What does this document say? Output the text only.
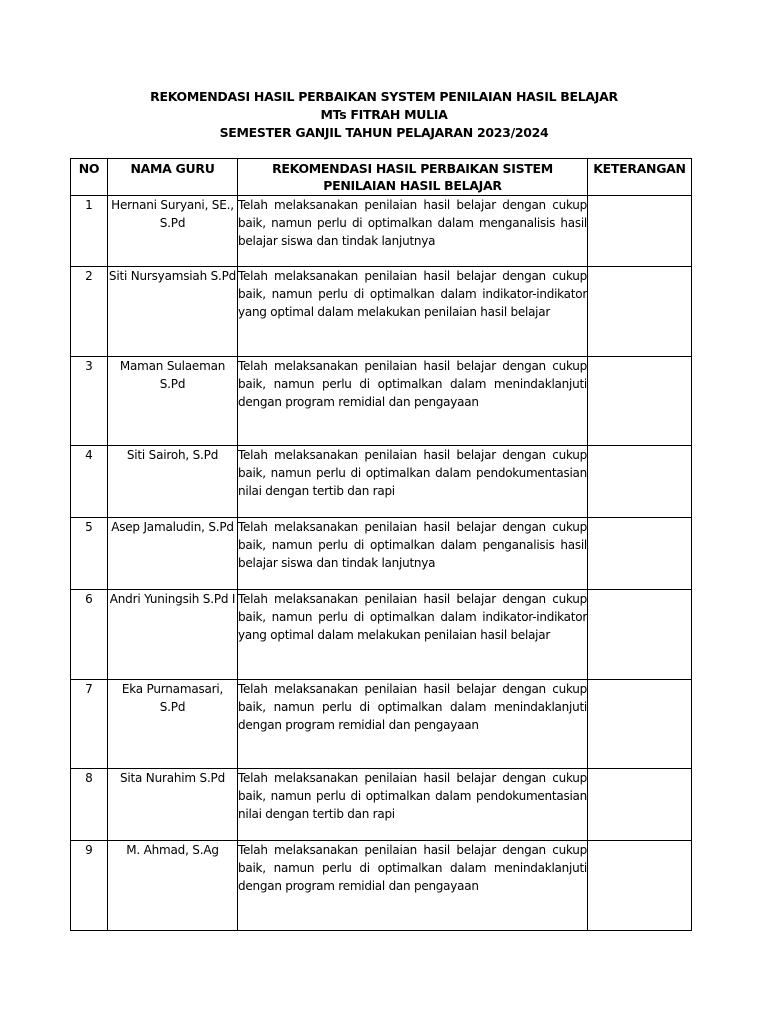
REKOMENDASI HASIL PERBAIKAN SYSTEM PENILAIAN HASIL BELAJAR
MTs FITRAH MULIA
SEMESTER GANJIL TAHUN PELAJARAN 2023/2024
NO	NAMA GURU	REKOMENDASI HASIL PERBAIKAN SISTEM PENILAIAN HASIL BELAJAR	KETERANGAN
1	Hernani Suryani, SE., S.Pd	Telah melaksanakan penilaian hasil belajar dengan cukup baik, namun perlu di optimalkan dalam menganalisis hasil belajar siswa dan tindak lanjutnya	
2	Siti Nursyamsiah S.Pd	Telah melaksanakan penilaian hasil belajar dengan cukup baik, namun perlu di optimalkan dalam indikator-indikator yang optimal dalam melakukan penilaian hasil belajar	
3	Maman Sulaeman S.Pd	Telah melaksanakan penilaian hasil belajar dengan cukup baik, namun perlu di optimalkan dalam menindaklanjuti dengan program remidial dan pengayaan	
4	Siti Sairoh, S.Pd	Telah melaksanakan penilaian hasil belajar dengan cukup baik, namun perlu di optimalkan dalam pendokumentasian nilai dengan tertib dan rapi	
5	Asep Jamaludin, S.Pd	Telah melaksanakan penilaian hasil belajar dengan cukup baik, namun perlu di optimalkan dalam penganalisis hasil belajar siswa dan tindak lanjutnya	
6	Andri Yuningsih S.Pd I	Telah melaksanakan penilaian hasil belajar dengan cukup baik, namun perlu di optimalkan dalam indikator-indikator yang optimal dalam melakukan penilaian hasil belajar	
7	Eka Purnamasari, S.Pd	Telah melaksanakan penilaian hasil belajar dengan cukup baik, namun perlu di optimalkan dalam menindaklanjuti dengan program remidial dan pengayaan	
8	Sita Nurahim S.Pd	Telah melaksanakan penilaian hasil belajar dengan cukup baik, namun perlu di optimalkan dalam pendokumentasian nilai dengan tertib dan rapi	
9	M. Ahmad, S.Ag	Telah melaksanakan penilaian hasil belajar dengan cukup baik, namun perlu di optimalkan dalam menindaklanjuti dengan program remidial dan pengayaan	
